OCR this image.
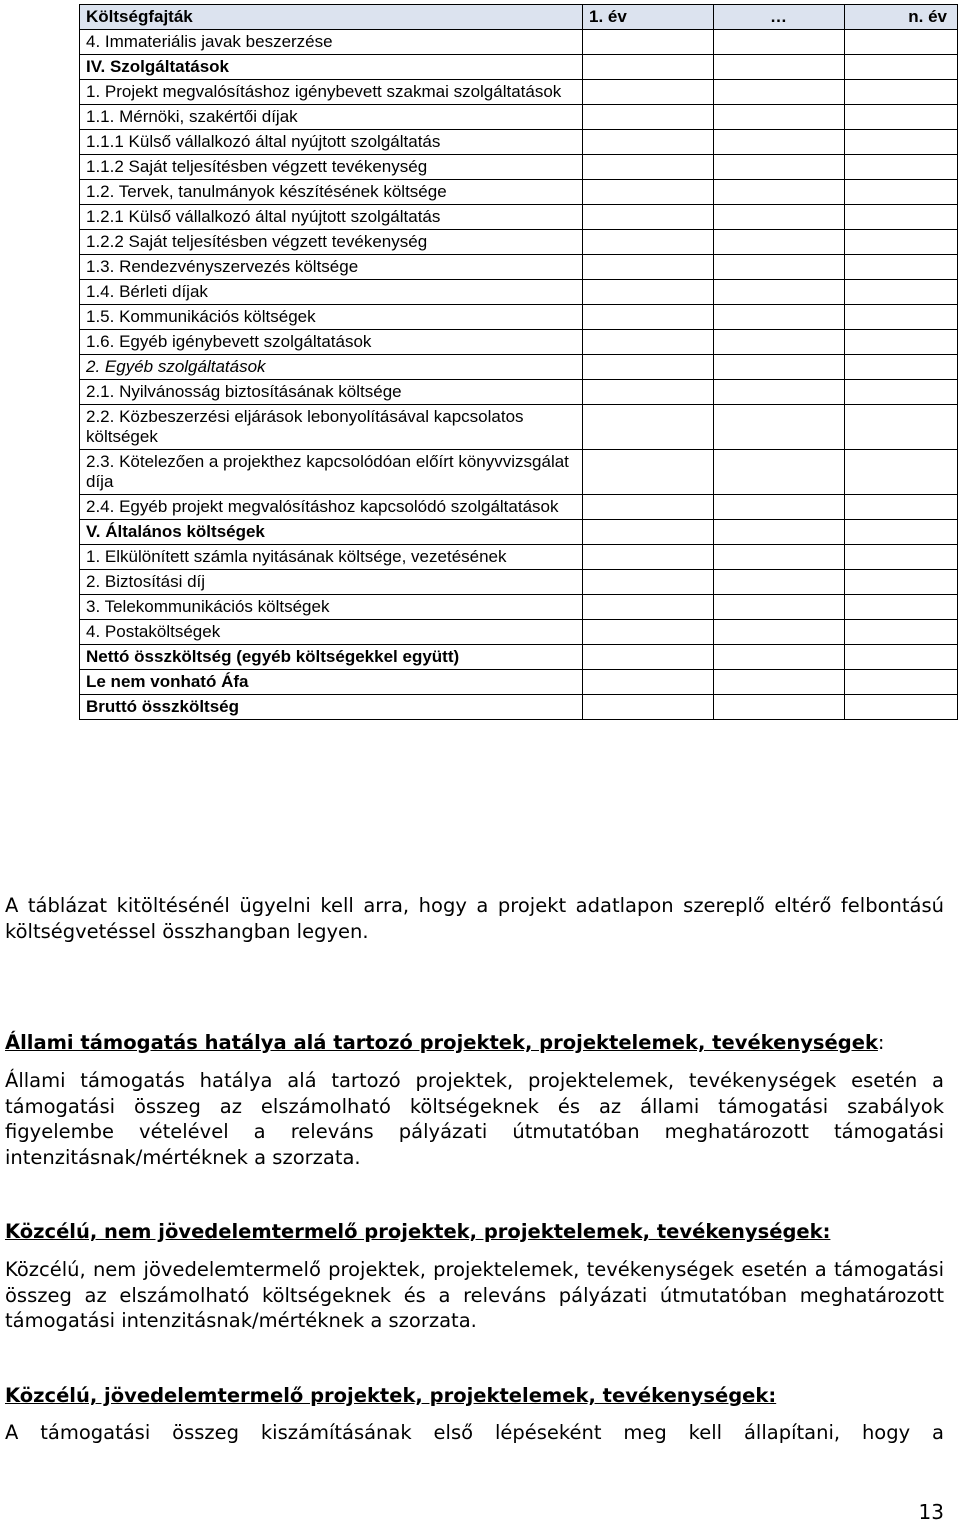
Költségfajták	1. év	…	n. év
4. Immateriális javak beszerzése			
IV. Szolgáltatások			
1. Projekt megvalósításhoz igénybevett szakmai szolgáltatások			
1.1. Mérnöki, szakértői díjak			
1.1.1 Külső vállalkozó által nyújtott szolgáltatás			
1.1.2 Saját teljesítésben végzett tevékenység			
1.2. Tervek, tanulmányok készítésének költsége			
1.2.1 Külső vállalkozó által nyújtott szolgáltatás			
1.2.2 Saját teljesítésben végzett tevékenység			
1.3. Rendezvényszervezés költsége			
1.4. Bérleti díjak			
1.5. Kommunikációs költségek			
1.6. Egyéb igénybevett szolgáltatások			
2. Egyéb szolgáltatások			
2.1. Nyilvánosság biztosításának költsége			
2.2. Közbeszerzési eljárások lebonyolításával kapcsolatos költségek			
2.3. Kötelezően a projekthez kapcsolódóan előírt könyvvizsgálat díja			
2.4. Egyéb projekt megvalósításhoz kapcsolódó szolgáltatások			
V. Általános költségek			
1. Elkülönített számla nyitásának költsége, vezetésének			
2. Biztosítási díj			
3. Telekommunikációs költségek			
4. Postaköltségek			
Nettó összköltség (egyéb költségekkel együtt)			
Le nem vonható Áfa			
Bruttó összköltség			

A táblázat kitöltésénél ügyelni kell arra, hogy a projekt adatlapon szereplő eltérő felbontású költségvetéssel összhangban legyen.

Állami támogatás hatálya alá tartozó projektek, projektelemek, tevékenységek:

Állami támogatás hatálya alá tartozó projektek, projektelemek, tevékenységek esetén a támogatási összeg az elszámolható költségeknek és az állami támogatási szabályok figyelembe vételével a releváns pályázati útmutatóban meghatározott támogatási intenzitásnak/mértéknek a szorzata.

Közcélú, nem jövedelemtermelő projektek, projektelemek, tevékenységek:

Közcélú, nem jövedelemtermelő projektek, projektelemek, tevékenységek esetén a támogatási összeg az elszámolható költségeknek és a releváns pályázati útmutatóban meghatározott támogatási intenzitásnak/mértéknek a szorzata.

Közcélú, jövedelemtermelő projektek, projektelemek, tevékenységek:

A támogatási összeg kiszámításának első lépéseként meg kell állapítani, hogy a

13
